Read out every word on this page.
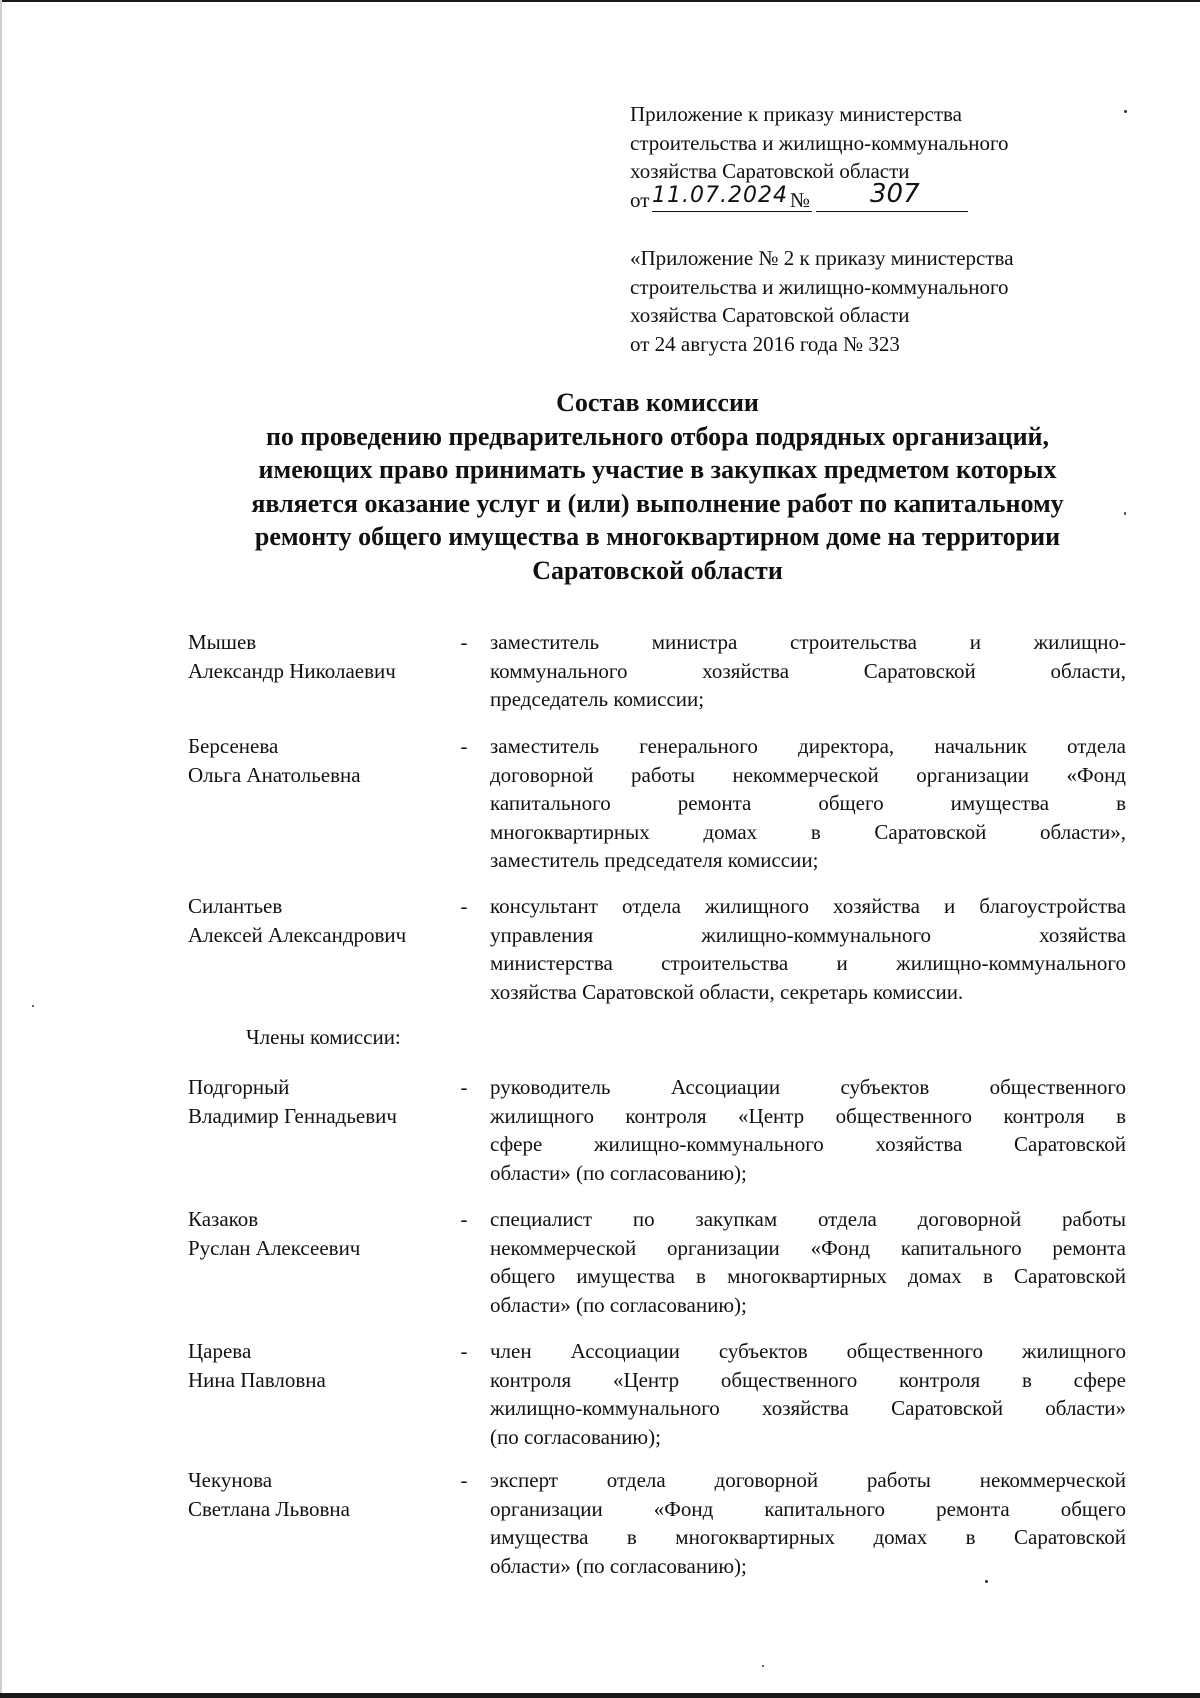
Приложение к приказу министерства
строительства и жилищно-коммунального
хозяйства Саратовской области
от 11.07.2024 № 307
«Приложение № 2 к приказу министерства
строительства и жилищно-коммунального
хозяйства Саратовской области
от 24 августа 2016 года № 323
Состав комиссии
по проведению предварительного отбора подрядных организаций,
имеющих право принимать участие в закупках предметом которых
является оказание услуг и (или) выполнение работ по капитальному
ремонту общего имущества в многоквартирном доме на территории
Саратовской области
Мышев
Александр Николаевич
-	заместитель министра строительства и жилищно-
коммунального хозяйства Саратовской области,
председатель комиссии;
Берсенева
Ольга Анатольевна
-	заместитель генерального директора, начальник отдела
договорной работы некоммерческой организации «Фонд
капитального ремонта общего имущества в
многоквартирных домах в Саратовской области»,
заместитель председателя комиссии;
Силантьев
Алексей Александрович
-	консультант отдела жилищного хозяйства и благоустройства
управления жилищно-коммунального хозяйства
министерства строительства и жилищно-коммунального
хозяйства Саратовской области, секретарь комиссии.
Члены комиссии:
Подгорный
Владимир Геннадьевич
-	руководитель Ассоциации субъектов общественного
жилищного контроля «Центр общественного контроля в
сфере жилищно-коммунального хозяйства Саратовской
области» (по согласованию);
Казаков
Руслан Алексеевич
-	специалист по закупкам отдела договорной работы
некоммерческой организации «Фонд капитального ремонта
общего имущества в многоквартирных домах в Саратовской
области» (по согласованию);
Царева
Нина Павловна
-	член Ассоциации субъектов общественного жилищного
контроля «Центр общественного контроля в сфере
жилищно-коммунального хозяйства Саратовской области»
(по согласованию);
Чекунова
Светлана Львовна
-	эксперт отдела договорной работы некоммерческой
организации «Фонд капитального ремонта общего
имущества в многоквартирных домах в Саратовской
области» (по согласованию);
